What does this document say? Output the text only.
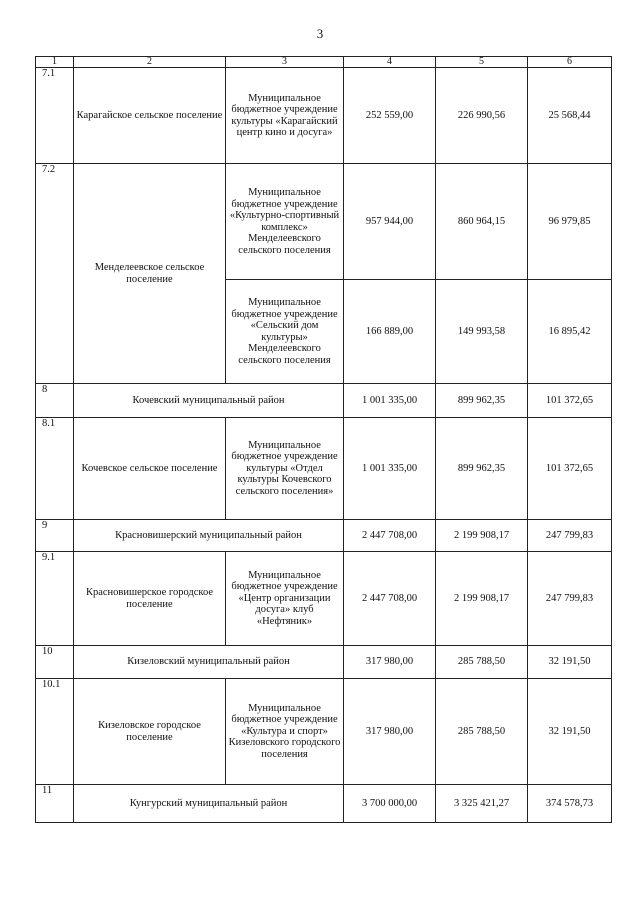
3
1	2	3	4	5	6
7.1	Карагайское сельское поселение	Муниципальное бюджетное учреждение культуры «Карагайский центр кино и досуга»	252 559,00	226 990,56	25 568,44
7.2	Менделеевское сельское поселение	Муниципальное бюджетное учреждение «Культурно-спортивный комплекс» Менделеевского сельского поселения	957 944,00	860 964,15	96 979,85
		Муниципальное бюджетное учреждение «Сельский дом культуры» Менделеевского сельского поселения	166 889,00	149 993,58	16 895,42
8	Кочевский муниципальный район		1 001 335,00	899 962,35	101 372,65
8.1	Кочевское сельское поселение	Муниципальное бюджетное учреждение культуры «Отдел культуры Кочевского сельского поселения»	1 001 335,00	899 962,35	101 372,65
9	Красновишерский муниципальный район		2 447 708,00	2 199 908,17	247 799,83
9.1	Красновишерское городское поселение	Муниципальное бюджетное учреждение «Центр организации досуга» клуб «Нефтяник»	2 447 708,00	2 199 908,17	247 799,83
10	Кизеловский муниципальный район		317 980,00	285 788,50	32 191,50
10.1	Кизеловское городское поселение	Муниципальное бюджетное учреждение «Культура и спорт» Кизеловского городского поселения	317 980,00	285 788,50	32 191,50
11	Кунгурский муниципальный район		3 700 000,00	3 325 421,27	374 578,73
